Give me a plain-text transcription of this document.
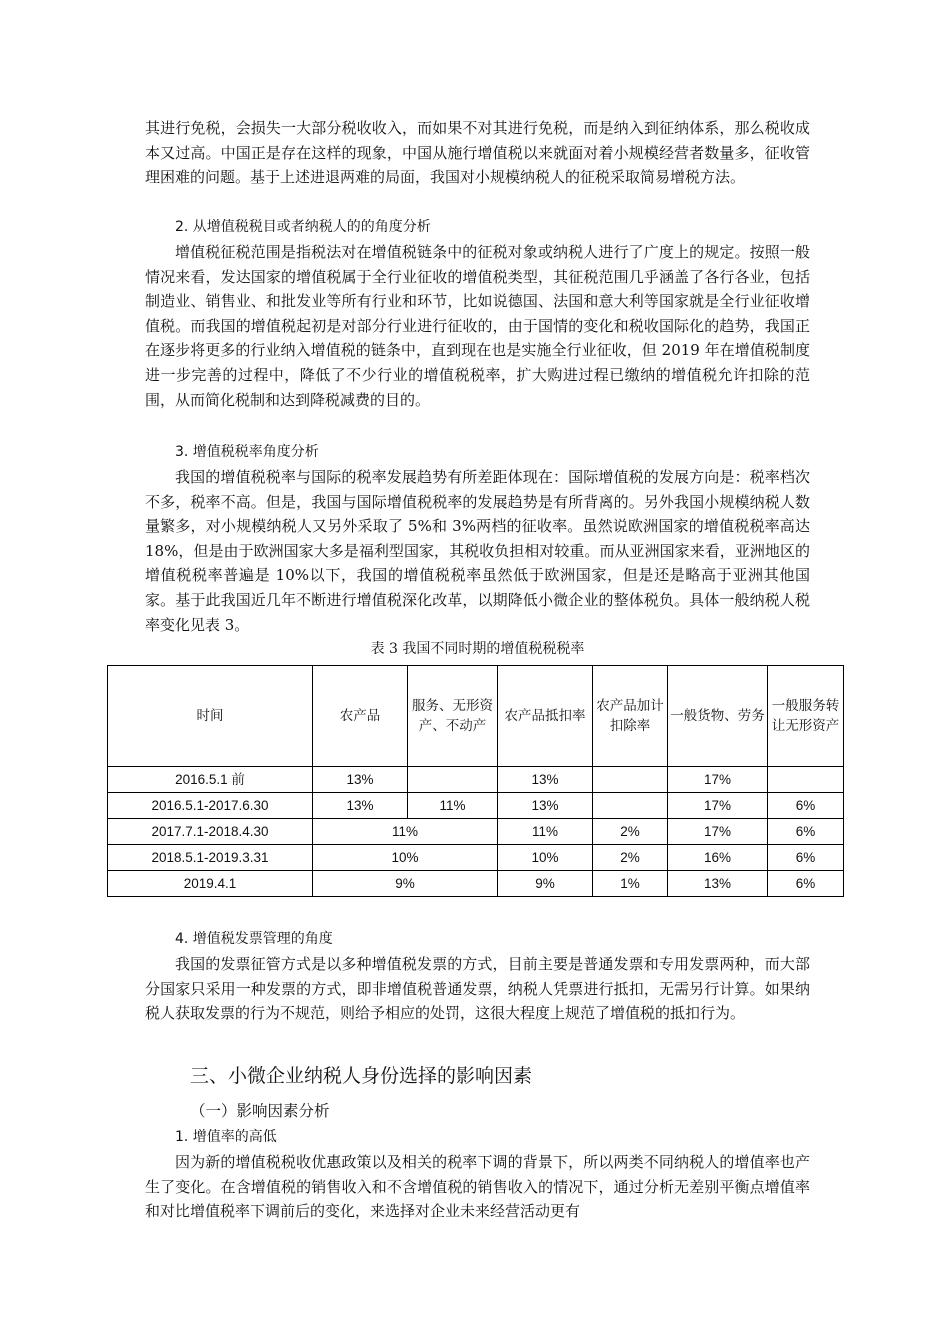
其进行免税，会损失一大部分税收收入，而如果不对其进行免税，而是纳入到征纳体系，那么税收成本又过高。中国正是存在这样的现象，中国从施行增值税以来就面对着小规模经营者数量多，征收管理困难的问题。基于上述进退两难的局面，我国对小规模纳税人的征税采取简易增税方法。

2. 从增值税税目或者纳税人的的角度分析

增值税征税范围是指税法对在增值税链条中的征税对象或纳税人进行了广度上的规定。按照一般情况来看，发达国家的增值税属于全行业征收的增值税类型，其征税范围几乎涵盖了各行各业，包括制造业、销售业、和批发业等所有行业和环节，比如说德国、法国和意大利等国家就是全行业征收增值税。而我国的增值税起初是对部分行业进行征收的，由于国情的变化和税收国际化的趋势，我国正在逐步将更多的行业纳入增值税的链条中，直到现在也是实施全行业征收，但 2019 年在增值税制度进一步完善的过程中，降低了不少行业的增值税税率，扩大购进过程已缴纳的增值税允许扣除的范围，从而简化税制和达到降税减费的目的。

3. 增值税税率角度分析

我国的增值税税率与国际的税率发展趋势有所差距体现在：国际增值税的发展方向是：税率档次不多，税率不高。但是，我国与国际增值税税率的发展趋势是有所背离的。另外我国小规模纳税人数量繁多，对小规模纳税人又另外采取了 5%和 3%两档的征收率。虽然说欧洲国家的增值税税率高达 18%，但是由于欧洲国家大多是福利型国家，其税收负担相对较重。而从亚洲国家来看，亚洲地区的增值税税率普遍是 10%以下，我国的增值税税率虽然低于欧洲国家，但是还是略高于亚洲其他国家。基于此我国近几年不断进行增值税深化改革，以期降低小微企业的整体税负。具体一般纳税人税率变化见表 3。

表 3 我国不同时期的增值税税税率

时间	农产品	服务、无形资产、不动产	农产品抵扣率	农产品加计扣除率	一般货物、劳务	一般服务转让无形资产
2016.5.1 前	13%		13%		17%	
2016.5.1-2017.6.30	13%	11%	13%		17%	6%
2017.7.1-2018.4.30	11%		11%	2%	17%	6%
2018.5.1-2019.3.31	10%		10%	2%	16%	6%
2019.4.1	9%		9%	1%	13%	6%

4. 增值税发票管理的角度

我国的发票征管方式是以多种增值税发票的方式，目前主要是普通发票和专用发票两种，而大部分国家只采用一种发票的方式，即非增值税普通发票，纳税人凭票进行抵扣，无需另行计算。如果纳税人获取发票的行为不规范，则给予相应的处罚，这很大程度上规范了增值税的抵扣行为。

三、小微企业纳税人身份选择的影响因素

（一）影响因素分析

1. 增值率的高低

因为新的增值税税收优惠政策以及相关的税率下调的背景下，所以两类不同纳税人的增值率也产生了变化。在含增值税的销售收入和不含增值税的销售收入的情况下，通过分析无差别平衡点增值率和对比增值税率下调前后的变化，来选择对企业未来经营活动更有
